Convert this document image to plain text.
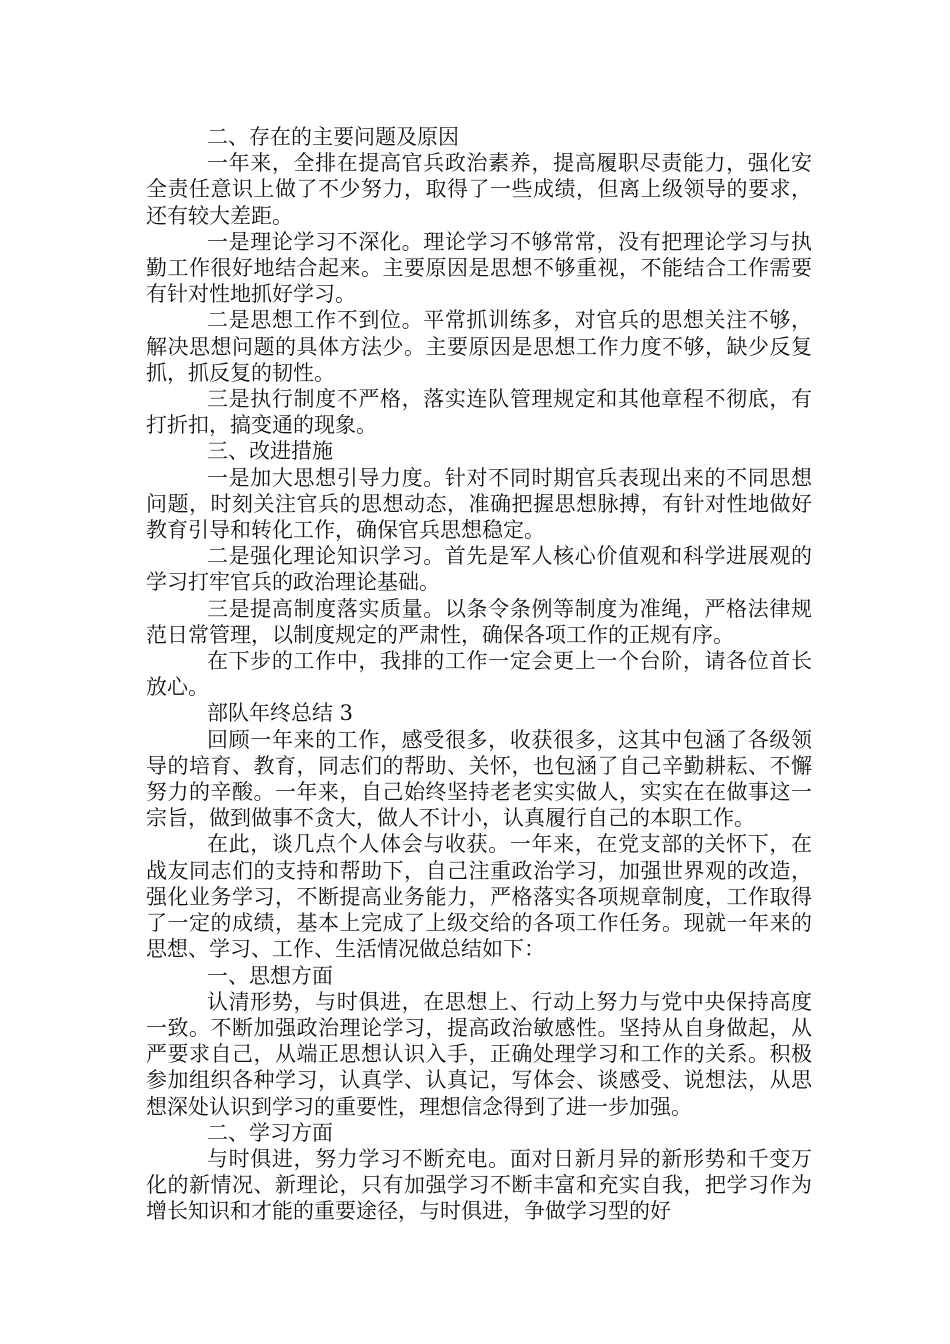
二、存在的主要问题及原因

一年来，全排在提高官兵政治素养，提高履职尽责能力，强化安全责任意识上做了不少努力，取得了一些成绩，但离上级领导的要求，还有较大差距。

一是理论学习不深化。理论学习不够常常，没有把理论学习与执勤工作很好地结合起来。主要原因是思想不够重视，不能结合工作需要有针对性地抓好学习。

二是思想工作不到位。平常抓训练多，对官兵的思想关注不够，解决思想问题的具体方法少。主要原因是思想工作力度不够，缺少反复抓，抓反复的韧性。

三是执行制度不严格，落实连队管理规定和其他章程不彻底，有打折扣，搞变通的现象。

三、改进措施

一是加大思想引导力度。针对不同时期官兵表现出来的不同思想问题，时刻关注官兵的思想动态，准确把握思想脉搏，有针对性地做好教育引导和转化工作，确保官兵思想稳定。

二是强化理论知识学习。首先是军人核心价值观和科学进展观的学习打牢官兵的政治理论基础。

三是提高制度落实质量。以条令条例等制度为准绳，严格法律规范日常管理，以制度规定的严肃性，确保各项工作的正规有序。

在下步的工作中，我排的工作一定会更上一个台阶，请各位首长放心。

部队年终总结 3

回顾一年来的工作，感受很多，收获很多，这其中包涵了各级领导的培育、教育，同志们的帮助、关怀，也包涵了自己辛勤耕耘、不懈努力的辛酸。一年来，自己始终坚持老老实实做人，实实在在做事这一宗旨，做到做事不贪大，做人不计小，认真履行自己的本职工作。

在此，谈几点个人体会与收获。一年来，在党支部的关怀下，在战友同志们的支持和帮助下，自己注重政治学习，加强世界观的改造，强化业务学习，不断提高业务能力，严格落实各项规章制度，工作取得了一定的成绩，基本上完成了上级交给的各项工作任务。现就一年来的思想、学习、工作、生活情况做总结如下：

一、思想方面

认清形势，与时俱进，在思想上、行动上努力与党中央保持高度一致。不断加强政治理论学习，提高政治敏感性。坚持从自身做起，从严要求自己，从端正思想认识入手，正确处理学习和工作的关系。积极参加组织各种学习，认真学、认真记，写体会、谈感受、说想法，从思想深处认识到学习的重要性，理想信念得到了进一步加强。

二、学习方面

与时俱进，努力学习不断充电。面对日新月异的新形势和千变万化的新情况、新理论，只有加强学习不断丰富和充实自我，把学习作为增长知识和才能的重要途径，与时俱进，争做学习型的好
